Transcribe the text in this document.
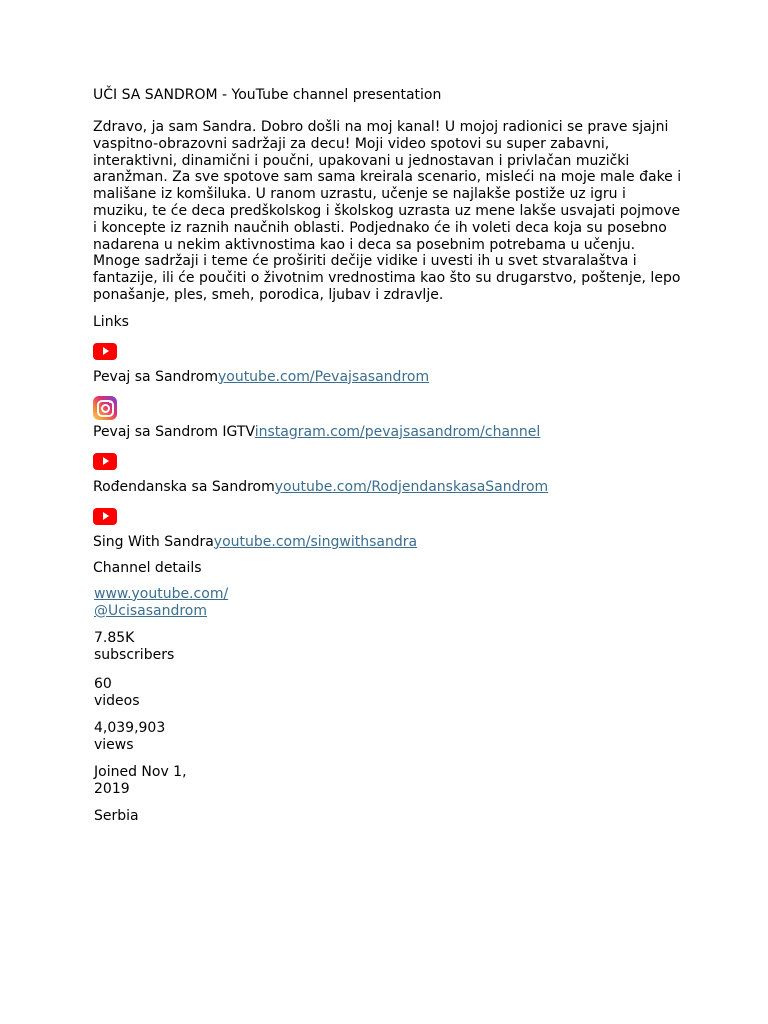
UČI SA SANDROM - YouTube channel presentation
Zdravo, ja sam Sandra. Dobro došli na moj kanal! U mojoj radionici se prave sjajni vaspitno-obrazovni sadržaji za decu! Moji video spotovi su super zabavni, interaktivni, dinamični i poučni, upakovani u jednostavan i privlačan muzički aranžman. Za sve spotove sam sama kreirala scenario, misleći na moje male đake i mališane iz komšiluka. U ranom uzrastu, učenje se najlakše postiže uz igru i muziku, te će deca predškolskog i školskog uzrasta uz mene lakše usvajati pojmove i koncepte iz raznih naučnih oblasti. Podjednako će ih voleti deca koja su posebno nadarena u nekim aktivnostima kao i deca sa posebnim potrebama u učenju. Mnoge sadržaji i teme će proširiti dečije vidike i uvesti ih u svet stvaralaštva i fantazije, ili će poučiti o životnim vrednostima kao što su drugarstvo, poštenje, lepo ponašanje, ples, smeh, porodica, ljubav i zdravlje.
Links
Pevaj sa Sandromyoutube.com/Pevajsasandrom
Pevaj sa Sandrom IGTVinstagram.com/pevajsasandrom/channel
Rođendanska sa Sandromyoutube.com/RodjendanskasaSandrom
Sing With Sandrayoutube.com/singwithsandra
Channel details
www.youtube.com/
@Ucisasandrom
7.85K
subscribers
60
videos
4,039,903
views
Joined Nov 1,
2019
Serbia
